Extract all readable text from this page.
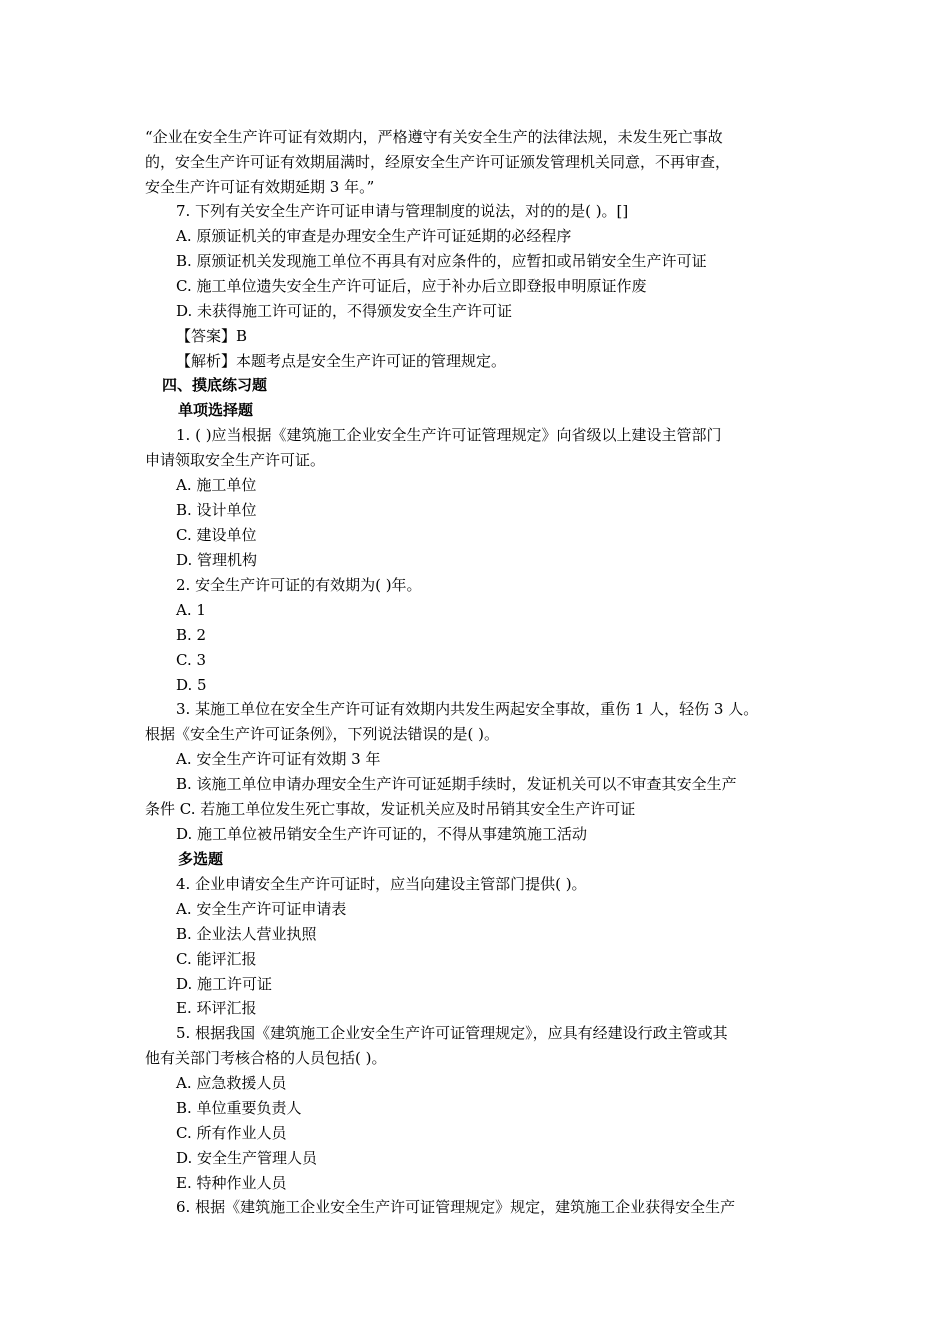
“企业在安全生产许可证有效期内，严格遵守有关安全生产的法律法规，未发生死亡事故
的，安全生产许可证有效期届满时，经原安全生产许可证颁发管理机关同意，不再审查，
安全生产许可证有效期延期 3 年。”
7. 下列有关安全生产许可证申请与管理制度的说法，对的的是( )。[]
A. 原颁证机关的审查是办理安全生产许可证延期的必经程序
B. 原颁证机关发现施工单位不再具有对应条件的，应暂扣或吊销安全生产许可证
C. 施工单位遗失安全生产许可证后，应于补办后立即登报申明原证作废
D. 未获得施工许可证的，不得颁发安全生产许可证
【答案】B
【解析】本题考点是安全生产许可证的管理规定。
四、摸底练习题
单项选择题
1. ( )应当根据《建筑施工企业安全生产许可证管理规定》向省级以上建设主管部门
申请领取安全生产许可证。
A. 施工单位
B. 设计单位
C. 建设单位
D. 管理机构
2. 安全生产许可证的有效期为( )年。
A. 1
B. 2
C. 3
D. 5
3. 某施工单位在安全生产许可证有效期内共发生两起安全事故，重伤 1 人，轻伤 3 人。
根据《安全生产许可证条例》，下列说法错误的是( )。
A. 安全生产许可证有效期 3 年
B. 该施工单位申请办理安全生产许可证延期手续时，发证机关可以不审查其安全生产
条件 C. 若施工单位发生死亡事故，发证机关应及时吊销其安全生产许可证
D. 施工单位被吊销安全生产许可证的，不得从事建筑施工活动
多选题
4. 企业申请安全生产许可证时，应当向建设主管部门提供( )。
A. 安全生产许可证申请表
B. 企业法人营业执照
C. 能评汇报
D. 施工许可证
E. 环评汇报
5. 根据我国《建筑施工企业安全生产许可证管理规定》，应具有经建设行政主管或其
他有关部门考核合格的人员包括( )。
A. 应急救援人员
B. 单位重要负责人
C. 所有作业人员
D. 安全生产管理人员
E. 特种作业人员
6. 根据《建筑施工企业安全生产许可证管理规定》规定，建筑施工企业获得安全生产
